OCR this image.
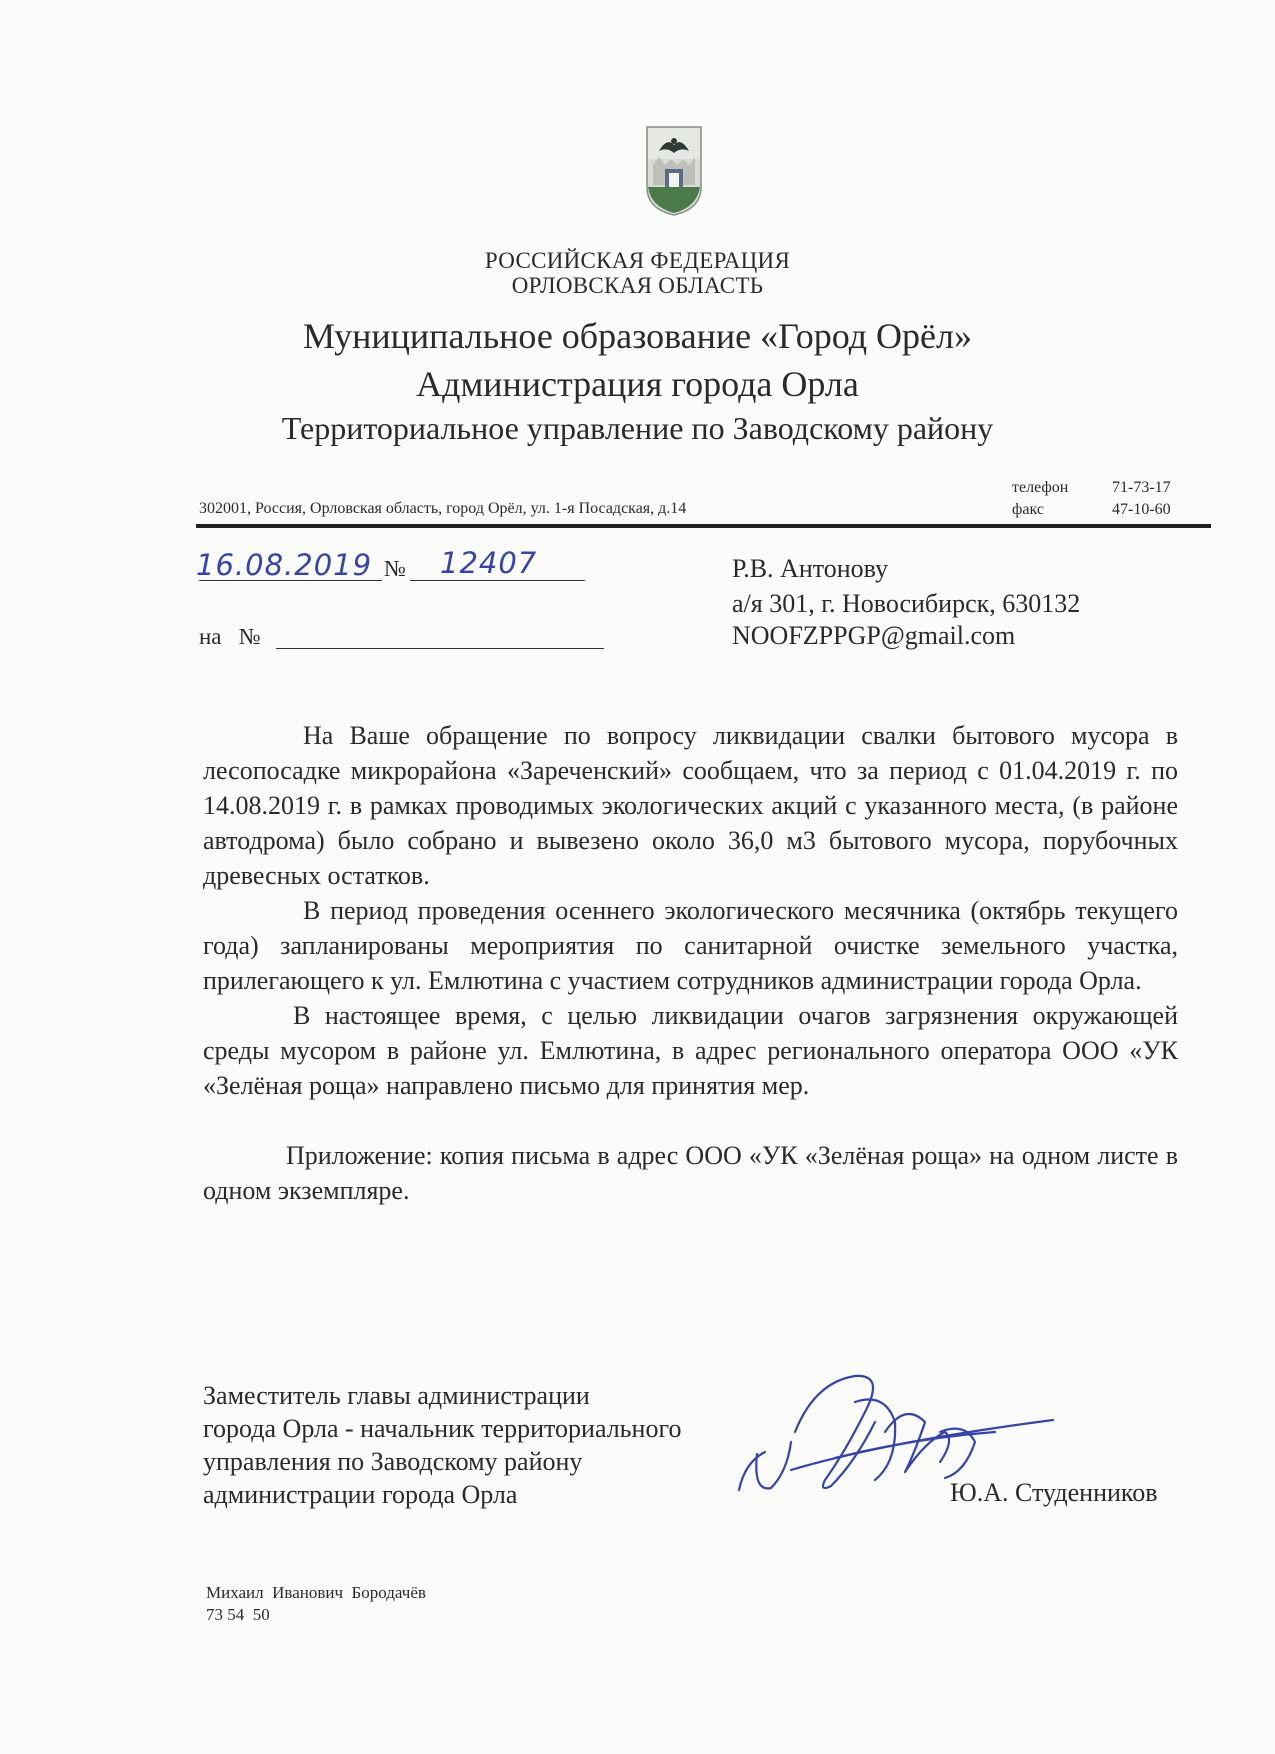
РОССИЙСКАЯ ФЕДЕРАЦИЯ
ОРЛОВСКАЯ ОБЛАСТЬ
Муниципальное образование «Город Орёл»
Администрация города Орла
Территориальное управление по Заводскому району
302001, Россия, Орловская область, город Орёл, ул. 1-я Посадская, д.14
телефон	71-73-17
факс	47-10-60
16.08.2019 № 12407
на   №
Р.В. Антонову
а/я 301, г. Новосибирск, 630132
NOOFZPPGP@gmail.com

На Ваше обращение по вопросу ликвидации свалки бытового мусора в лесопосадке микрорайона «Зареченский» сообщаем, что за период с 01.04.2019 г. по 14.08.2019 г. в рамках проводимых экологических акций с указанного места, (в районе автодрома) было собрано и вывезено около 36,0 м3 бытового мусора, порубочных древесных остатков.

В период проведения осеннего экологического месячника (октябрь текущего года) запланированы мероприятия по санитарной очистке земельного участка, прилегающего к ул. Емлютина с участием сотрудников администрации города Орла.

В настоящее время, с целью ликвидации очагов загрязнения окружающей среды мусором в районе ул. Емлютина, в адрес регионального оператора ООО «УК «Зелёная роща» направлено письмо для принятия мер.

Приложение: копия письма в адрес ООО «УК «Зелёная роща» на одном листе в одном экземпляре.

Заместитель главы администрации
города Орла - начальник территориального
управления по Заводскому району
администрации города Орла	Ю.А. Студенников
Михаил  Иванович  Бородачёв
73 54  50
